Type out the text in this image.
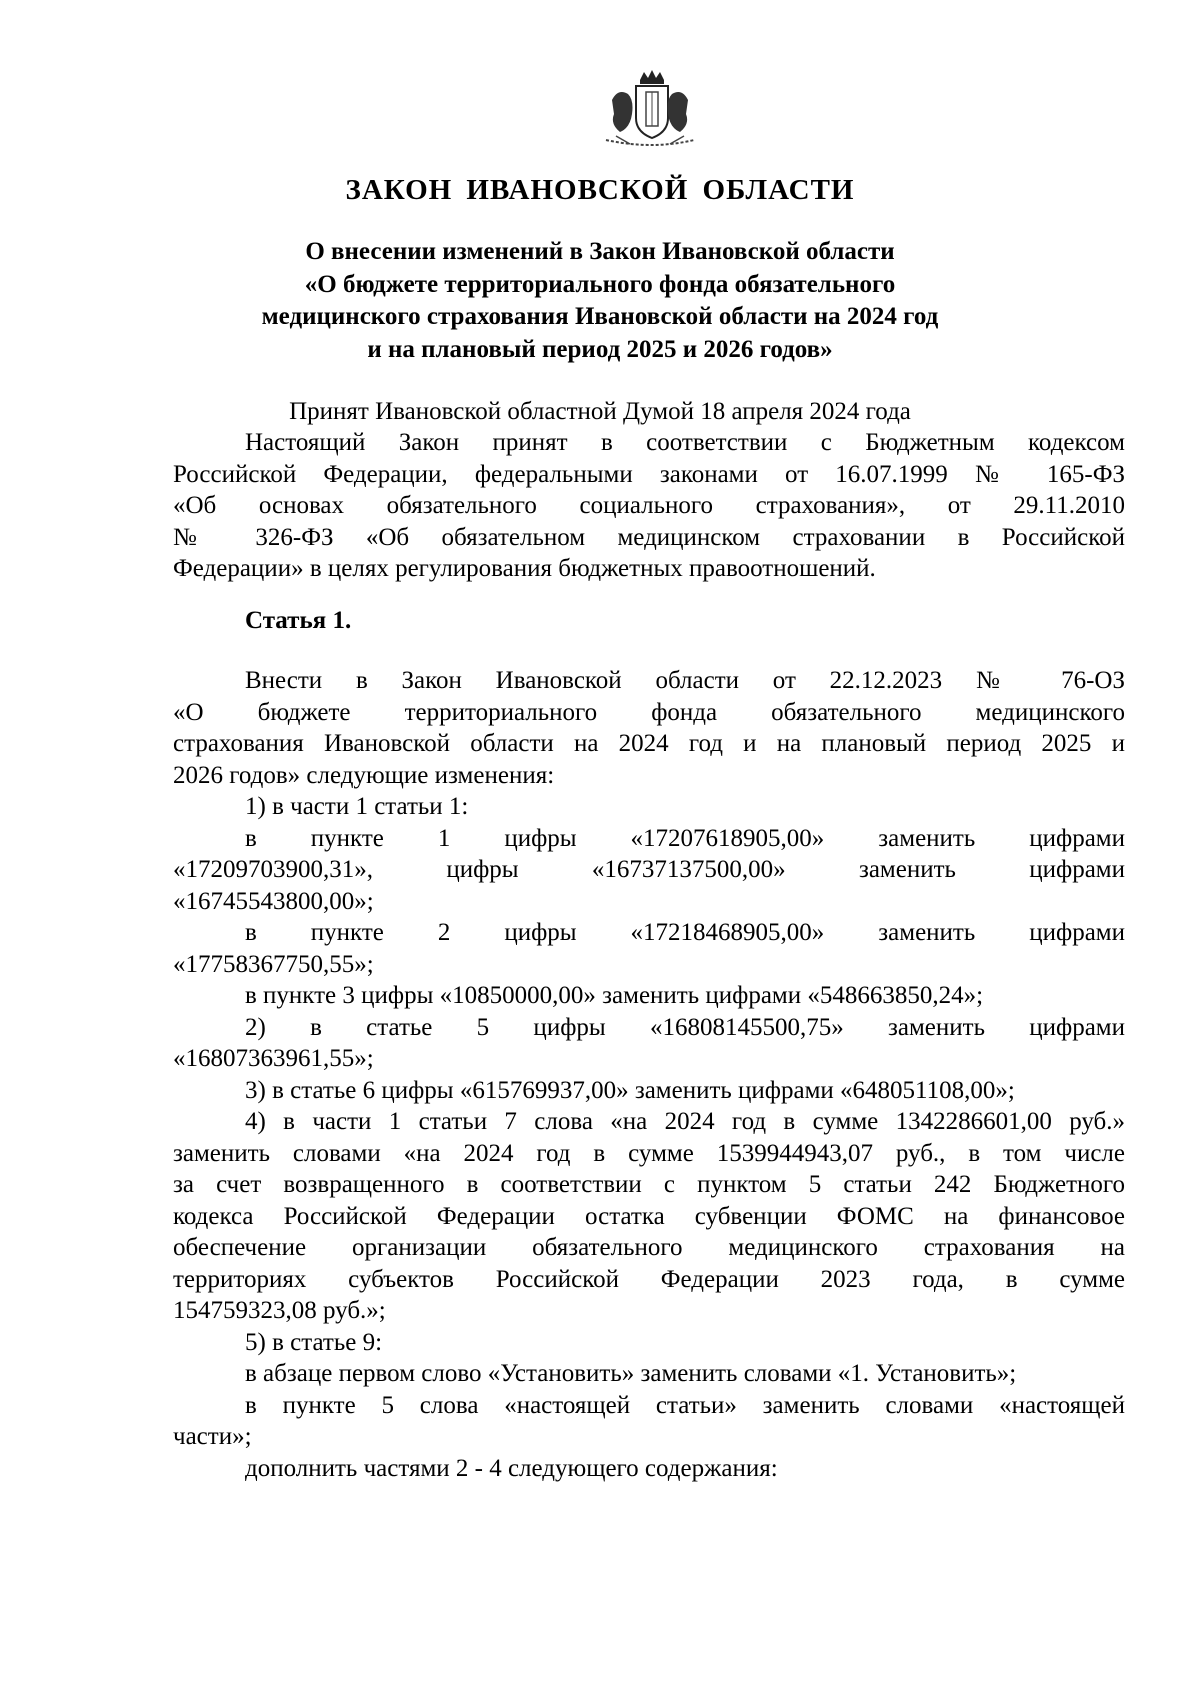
ЗАКОН ИВАНОВСКОЙ ОБЛАСТИ
О внесении изменений в Закон Ивановской области
«О бюджете территориального фонда обязательного
медицинского страхования Ивановской области на 2024 год
и на плановый период 2025 и 2026 годов»
Принят Ивановской областной Думой 18 апреля 2024 года
Настоящий Закон принят в соответствии с Бюджетным кодексом
Российской Федерации, федеральными законами от 16.07.1999 № 165-ФЗ
«Об основах обязательного социального страхования», от 29.11.2010
№ 326-ФЗ «Об обязательном медицинском страховании в Российской
Федерации» в целях регулирования бюджетных правоотношений.
Статья 1.
Внести в Закон Ивановской области от 22.12.2023 № 76-ОЗ
«О бюджете территориального фонда обязательного медицинского
страхования Ивановской области на 2024 год и на плановый период 2025 и
2026 годов» следующие изменения:
1) в части 1 статьи 1:
в пункте 1 цифры «17207618905,00» заменить цифрами
«17209703900,31», цифры «16737137500,00» заменить цифрами
«16745543800,00»;
в пункте 2 цифры «17218468905,00» заменить цифрами
«17758367750,55»;
в пункте 3 цифры «10850000,00» заменить цифрами «548663850,24»;
2) в статье 5 цифры «16808145500,75» заменить цифрами
«16807363961,55»;
3) в статье 6 цифры «615769937,00» заменить цифрами «648051108,00»;
4) в части 1 статьи 7 слова «на 2024 год в сумме 1342286601,00 руб.»
заменить словами «на 2024 год в сумме 1539944943,07 руб., в том числе
за счет возвращенного в соответствии с пунктом 5 статьи 242 Бюджетного
кодекса Российской Федерации остатка субвенции ФОМС на финансовое
обеспечение организации обязательного медицинского страхования на
территориях субъектов Российской Федерации 2023 года, в сумме
154759323,08 руб.»;
5) в статье 9:
в абзаце первом слово «Установить» заменить словами «1. Установить»;
в пункте 5 слова «настоящей статьи» заменить словами «настоящей
части»;
дополнить частями 2 - 4 следующего содержания:
